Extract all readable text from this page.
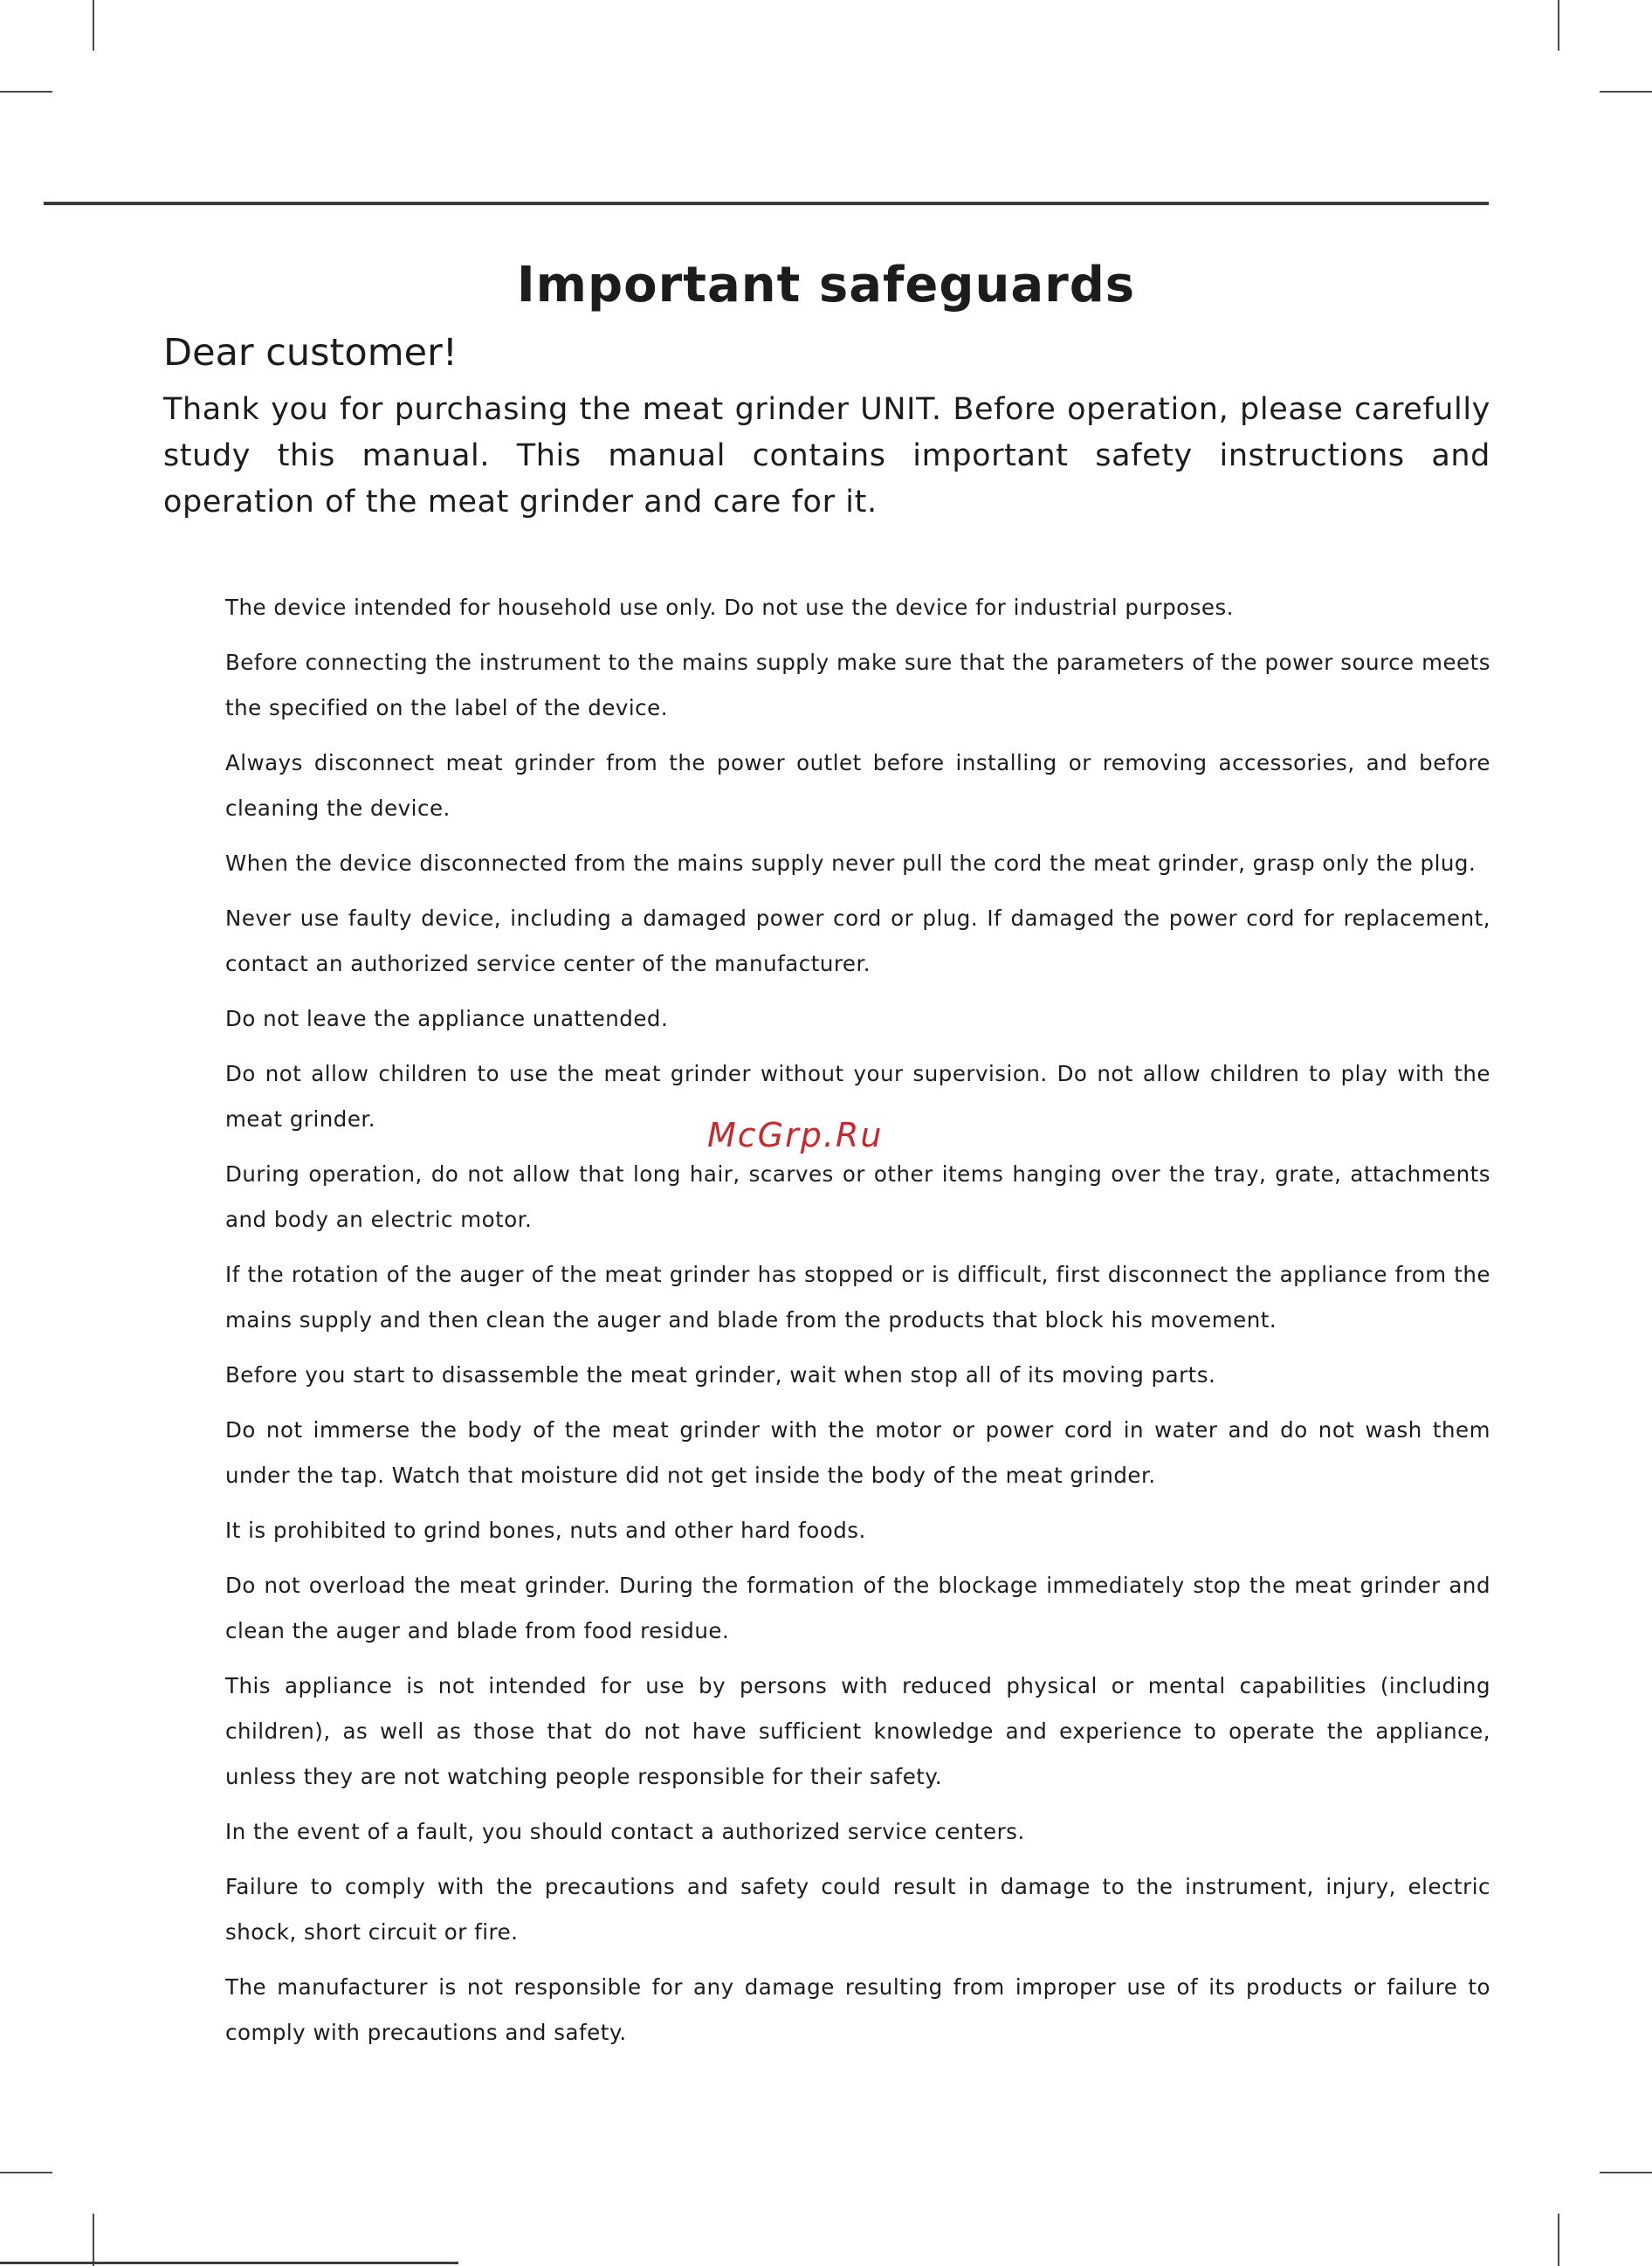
Important safeguards
Dear customer!

Thank you for purchasing the meat grinder UNIT. Before operation, please carefully study this manual. This manual contains important safety instructions and operation of the meat grinder and care for it.

The device intended for household use only. Do not use the device for industrial purposes.
Before connecting the instrument to the mains supply make sure that the parameters of the power source meets the specified on the label of the device.
Always disconnect meat grinder from the power outlet before installing or removing accessories, and before cleaning the device.
When the device disconnected from the mains supply never pull the cord the meat grinder, grasp only the plug.
Never use faulty device, including a damaged power cord or plug. If damaged the power cord for replacement, contact an authorized service center of the manufacturer.
Do not leave the appliance unattended.
Do not allow children to use the meat grinder without your supervision. Do not allow children to play with the meat grinder.
During operation, do not allow that long hair, scarves or other items hanging over the tray, grate, attachments and body an electric motor.
If the rotation of the auger of the meat grinder has stopped or is difficult, first disconnect the appliance from the mains supply and then clean the auger and blade from the products that block his movement.
Before you start to disassemble the meat grinder, wait when stop all of its moving parts.
Do not immerse the body of the meat grinder with the motor or power cord in water and do not wash them under the tap. Watch that moisture did not get inside the body of the meat grinder.
It is prohibited to grind bones, nuts and other hard foods.
Do not overload the meat grinder. During the formation of the blockage immediately stop the meat grinder and clean the auger and blade from food residue.
This appliance is not intended for use by persons with reduced physical or mental capabilities (including children), as well as those that do not have sufficient knowledge and experience to operate the appliance, unless they are not watching people responsible for their safety.
In the event of a fault, you should contact a authorized service centers.
Failure to comply with the precautions and safety could result in damage to the instrument, injury, electric shock, short circuit or fire.
The manufacturer is not responsible for any damage resulting from improper use of its products or failure to comply with precautions and safety.
McGrp.Ru
